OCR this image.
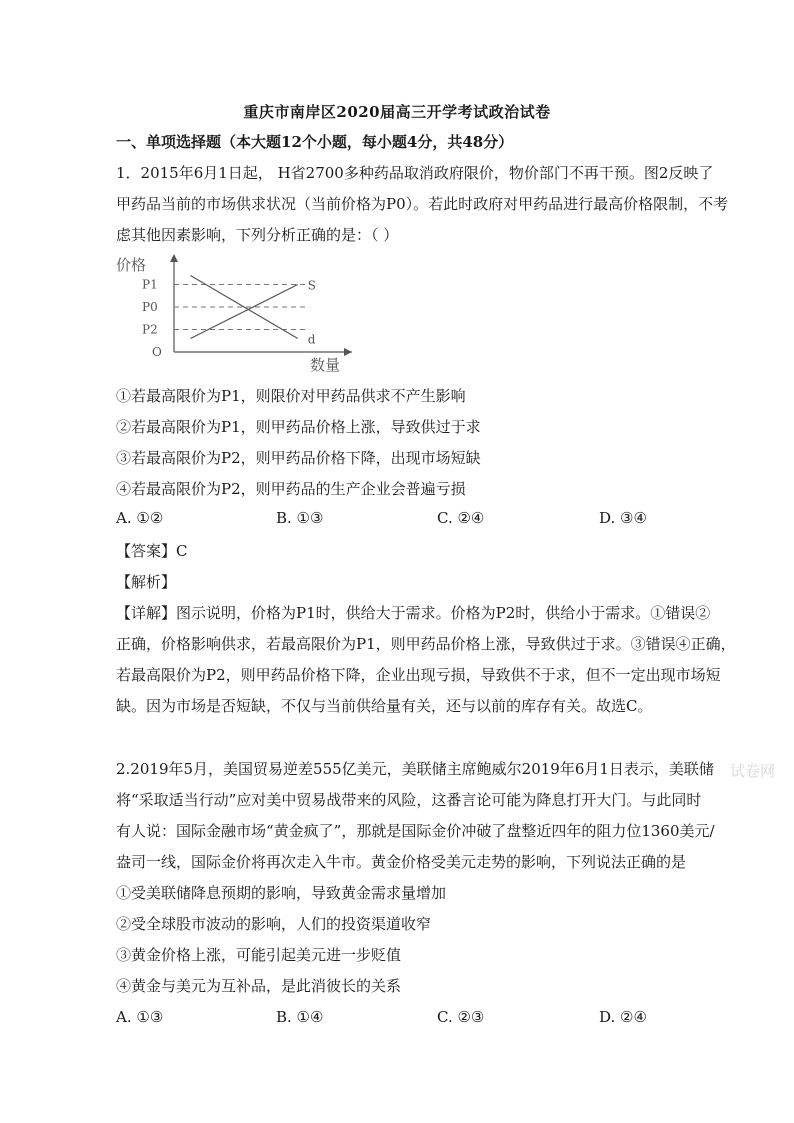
重庆市南岸区2020届高三开学考试政治试卷
一、单项选择题（本大题12个小题，每小题4分，共48分）
1．2015年6月1日起， H省2700多种药品取消政府限价，物价部门不再干预。图2反映了
甲药品当前的市场供求状况（当前价格为P0）。若此时政府对甲药品进行最高价格限制，不考
虑其他因素影响，下列分析正确的是：（ ）
价格
数量
O
P1
P0
P2
S
d
①若最高限价为P1，则限价对甲药品供求不产生影响
②若最高限价为P1，则甲药品价格上涨，导致供过于求
③若最高限价为P2，则甲药品价格下降，出现市场短缺
④若最高限价为P2，则甲药品的生产企业会普遍亏损
A. ①②	B. ①③	C. ②④	D. ③④
【答案】C
【解析】
【详解】图示说明，价格为P1时，供给大于需求。价格为P2时，供给小于需求。①错误②
正确，价格影响供求，若最高限价为P1，则甲药品价格上涨，导致供过于求。③错误④正确，
若最高限价为P2，则甲药品价格下降，企业出现亏损，导致供不于求，但不一定出现市场短
缺。因为市场是否短缺，不仅与当前供给量有关，还与以前的库存有关。故选C。
2.2019年5月，美国贸易逆差555亿美元，美联储主席鲍威尔2019年6月1日表示，美联储
将“采取适当行动”应对美中贸易战带来的风险，这番言论可能为降息打开大门。与此同时
有人说：国际金融市场“黄金疯了”，那就是国际金价冲破了盘整近四年的阻力位1360美元/
盎司一线，国际金价将再次走入牛市。黄金价格受美元走势的影响，下列说法正确的是
①受美联储降息预期的影响，导致黄金需求量增加
②受全球股市波动的影响，人们的投资渠道收窄
③黄金价格上涨，可能引起美元进一步贬值
④黄金与美元为互补品，是此消彼长的关系
A. ①③	B. ①④	C. ②③	D. ②④
试卷网
